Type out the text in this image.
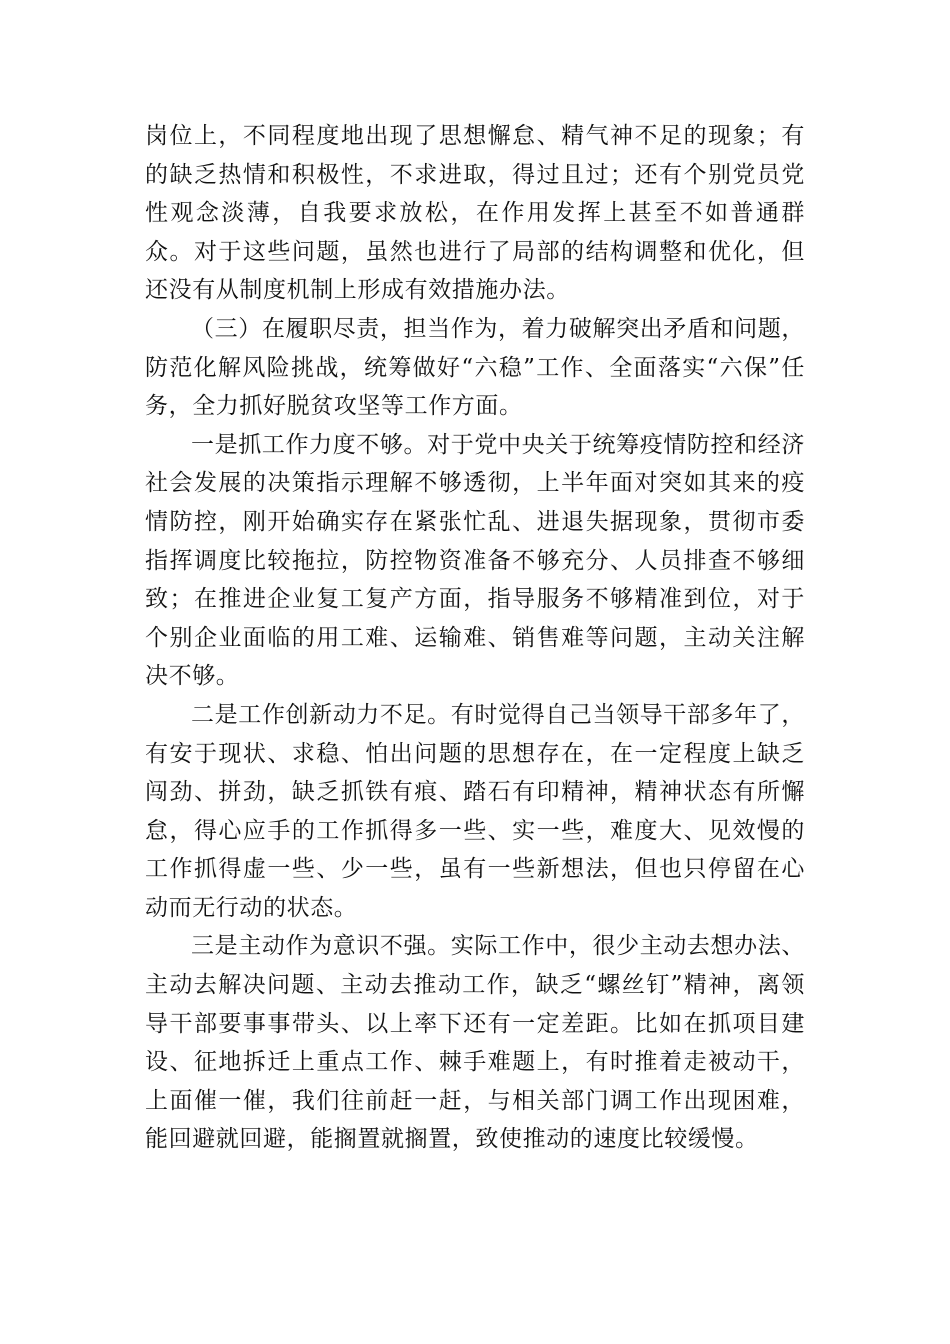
岗位上，不同程度地出现了思想懈怠、精气神不足的现象；有的缺乏热情和积极性，不求进取，得过且过；还有个别党员党性观念淡薄，自我要求放松，在作用发挥上甚至不如普通群众。对于这些问题，虽然也进行了局部的结构调整和优化，但还没有从制度机制上形成有效措施办法。

（三）在履职尽责，担当作为，着力破解突出矛盾和问题，防范化解风险挑战，统筹做好“六稳”工作、全面落实“六保”任务，全力抓好脱贫攻坚等工作方面。

一是抓工作力度不够。对于党中央关于统筹疫情防控和经济社会发展的决策指示理解不够透彻，上半年面对突如其来的疫情防控，刚开始确实存在紧张忙乱、进退失据现象，贯彻市委指挥调度比较拖拉，防控物资准备不够充分、人员排查不够细致；在推进企业复工复产方面，指导服务不够精准到位，对于个别企业面临的用工难、运输难、销售难等问题，主动关注解决不够。

二是工作创新动力不足。有时觉得自己当领导干部多年了，有安于现状、求稳、怕出问题的思想存在，在一定程度上缺乏闯劲、拼劲，缺乏抓铁有痕、踏石有印精神，精神状态有所懈怠，得心应手的工作抓得多一些、实一些，难度大、见效慢的工作抓得虚一些、少一些，虽有一些新想法，但也只停留在心动而无行动的状态。

三是主动作为意识不强。实际工作中，很少主动去想办法、主动去解决问题、主动去推动工作，缺乏“螺丝钉”精神，离领导干部要事事带头、以上率下还有一定差距。比如在抓项目建设、征地拆迁上重点工作、棘手难题上，有时推着走被动干，上面催一催，我们往前赶一赶，与相关部门调工作出现困难，能回避就回避，能搁置就搁置，致使推动的速度比较缓慢。
